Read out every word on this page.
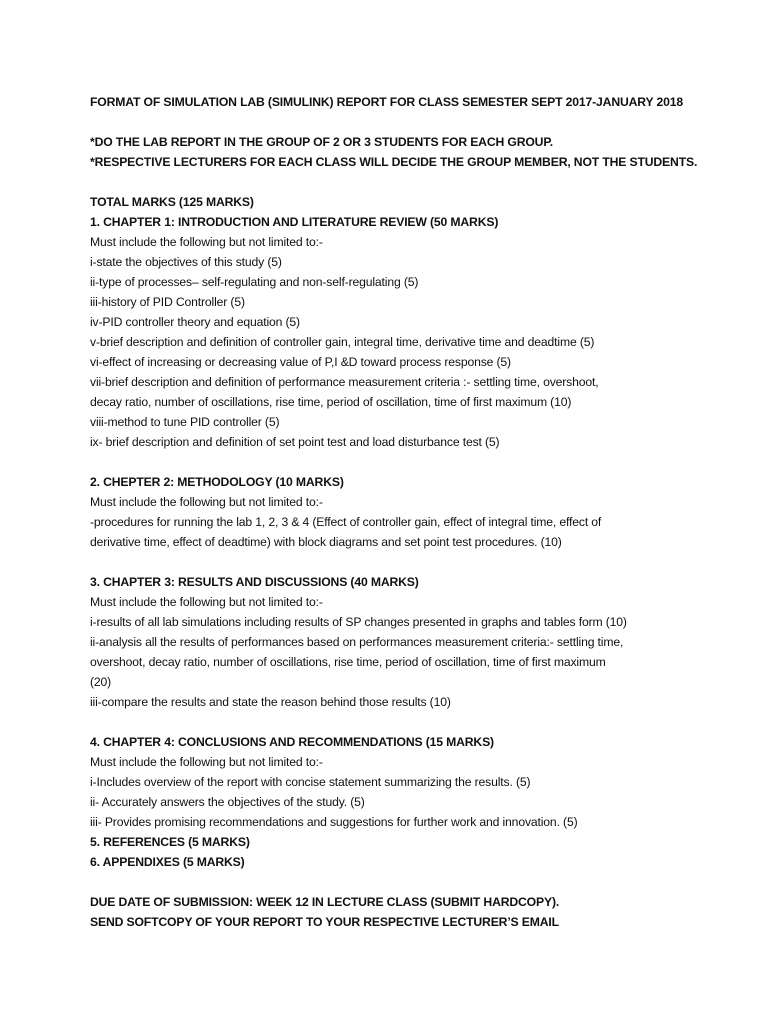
FORMAT OF SIMULATION LAB (SIMULINK) REPORT FOR CLASS SEMESTER SEPT 2017-JANUARY 2018
*DO THE LAB REPORT IN THE GROUP OF 2 OR 3 STUDENTS FOR EACH GROUP.
*RESPECTIVE LECTURERS FOR EACH CLASS WILL DECIDE THE GROUP MEMBER, NOT THE STUDENTS.
TOTAL MARKS (125 MARKS)
1. CHAPTER 1: INTRODUCTION AND LITERATURE REVIEW (50 MARKS)
Must include the following but not limited to:-
i-state the objectives of this study (5)
ii-type of processes– self-regulating and non-self-regulating (5)
iii-history of PID Controller (5)
iv-PID controller theory and equation (5)
v-brief description and definition of controller gain, integral time, derivative time and deadtime (5)
vi-effect of increasing or decreasing value of P,I &D toward process response (5)
vii-brief description and definition of performance measurement criteria :- settling time, overshoot,
decay ratio, number of oscillations, rise time, period of oscillation, time of first maximum (10)
viii-method to tune PID controller (5)
ix- brief description and definition of set point test and load disturbance test (5)
2. CHEPTER 2: METHODOLOGY (10 MARKS)
Must include the following but not limited to:-
-procedures for running the lab 1, 2, 3 & 4 (Effect of controller gain, effect of integral time, effect of
derivative time, effect of deadtime) with block diagrams and set point test procedures. (10)
3. CHAPTER 3: RESULTS AND DISCUSSIONS (40 MARKS)
Must include the following but not limited to:-
i-results of all lab simulations including results of SP changes presented in graphs and tables form (10)
ii-analysis all the results of performances based on performances measurement criteria:- settling time,
overshoot, decay ratio, number of oscillations, rise time, period of oscillation, time of first maximum
(20)
iii-compare the results and state the reason behind those results (10)
4. CHAPTER 4: CONCLUSIONS AND RECOMMENDATIONS (15 MARKS)
Must include the following but not limited to:-
i-Includes overview of the report with concise statement summarizing the results. (5)
ii- Accurately answers the objectives of the study. (5)
iii- Provides promising recommendations and suggestions for further work and innovation. (5)
5. REFERENCES (5 MARKS)
6. APPENDIXES (5 MARKS)
DUE DATE OF SUBMISSION: WEEK 12 IN LECTURE CLASS (SUBMIT HARDCOPY).
SEND SOFTCOPY OF YOUR REPORT TO YOUR RESPECTIVE LECTURER’S EMAIL
